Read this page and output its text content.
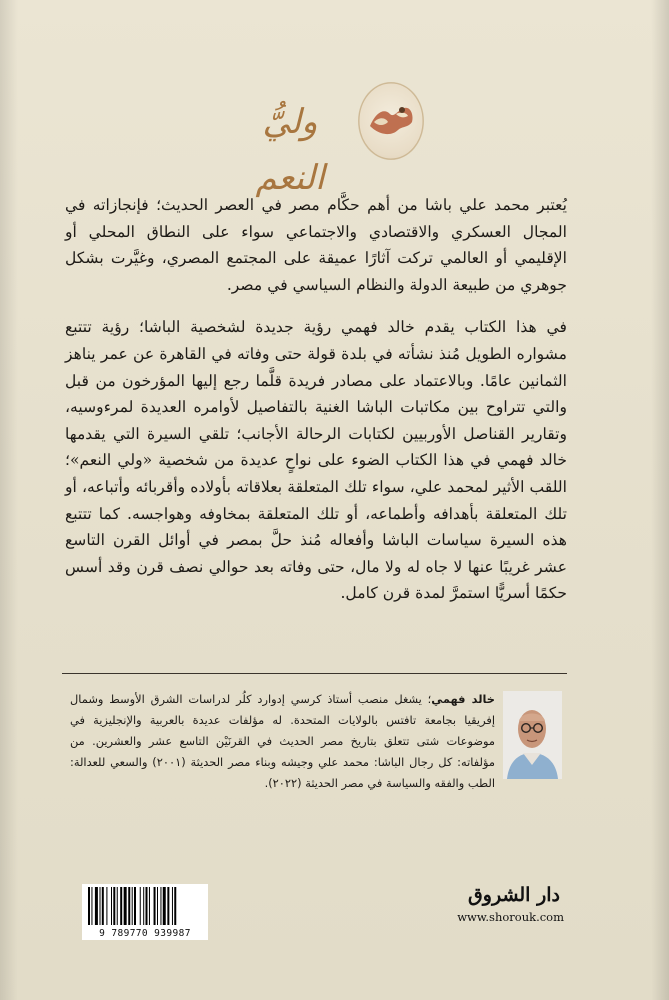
وليُّ النعم

يُعتبر محمد علي باشا من أهم حكَّام مصر في العصر الحديث؛ فإنجازاته في المجال العسكري والاقتصادي والاجتماعي سواء على النطاق المحلي أو الإقليمي أو العالمي تركت آثارًا عميقة على المجتمع المصري، وغيَّرت بشكل جوهري من طبيعة الدولة والنظام السياسي في مصر.

في هذا الكتاب يقدم خالد فهمي رؤية جديدة لشخصية الباشا؛ رؤية تتتبع مشواره الطويل مُنذ نشأته في بلدة قولة حتى وفاته في القاهرة عن عمر يناهز الثمانين عامًا. وبالاعتماد على مصادر فريدة قلَّما رجع إليها المؤرخون من قبل والتي تتراوح بين مكاتبات الباشا الغنية بالتفاصيل لأوامره العديدة لمرءوسيه، وتقارير القناصل الأوربيين لكتابات الرحالة الأجانب؛ تلقي السيرة التي يقدمها خالد فهمي في هذا الكتاب الضوء على نواحٍ عديدة من شخصية «ولي النعم»؛ اللقب الأثير لمحمد علي، سواء تلك المتعلقة بعلاقاته بأولاده وأقربائه وأتباعه، أو تلك المتعلقة بأهدافه وأطماعه، أو تلك المتعلقة بمخاوفه وهواجسه. كما تتتبع هذه السيرة سياسات الباشا وأفعاله مُنذ حلَّ بمصر في أوائل القرن التاسع عشر غريبًا عنها لا جاه له ولا مال، حتى وفاته بعد حوالي نصف قرن وقد أسس حكمًا أسريًّا استمرَّ لمدة قرن كامل.

خالد فهمي؛ يشغل منصب أستاذ كرسي إدوارد كلُر لدراسات الشرق الأوسط وشمال إفريقيا بجامعة تافتس بالولايات المتحدة. له مؤلفات عديدة بالعربية والإنجليزية في موضوعات شتى تتعلق بتاريخ مصر الحديث في القرنَيْن التاسع عشر والعشرين. من مؤلفاته: كل رجال الباشا: محمد علي وجيشه وبناء مصر الحديثة (٢٠٠١) والسعي للعدالة: الطب والفقه والسياسة في مصر الحديثة (٢٠٢٢).

9 789770 939987
دار الشروق
www.shorouk.com
